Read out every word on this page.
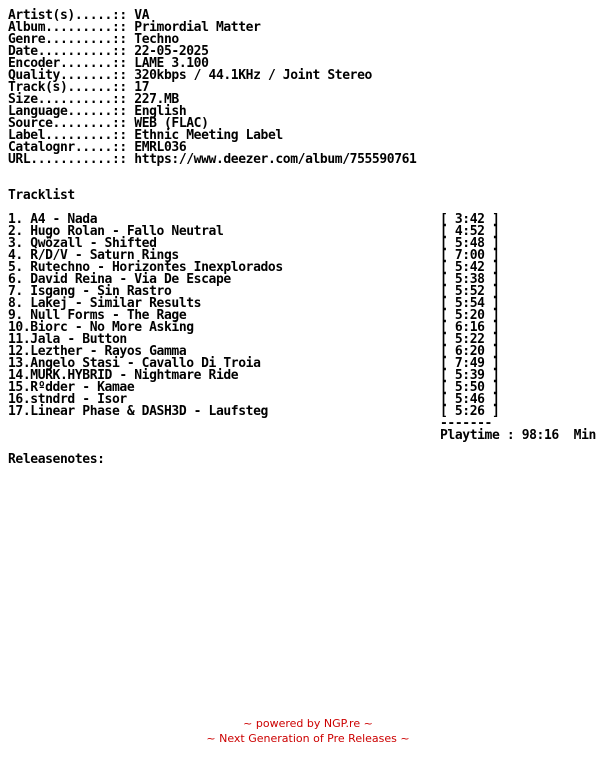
Artist(s).....:: VA
Album.........:: Primordial Matter
Genre.........:: Techno
Date..........:: 22-05-2025
Encoder.......:: LAME 3.100
Quality.......:: 320kbps / 44.1KHz / Joint Stereo
Track(s)......:: 17
Size..........:: 227.MB
Language......:: English
Source........:: WEB (FLAC)
Label.........:: Ethnic Meeting Label
Catalognr.....:: EMRL036
URL...........:: https://www.deezer.com/album/755590761
Tracklist
1. A4 - Nada	[ 3:42 ]
2. Hugo Rolan - Fallo Neutral	[ 4:52 ]
3. Qwözall - Shifted	[ 5:48 ]
4. R/D/V - Saturn Rings	[ 7:00 ]
5. Rutechno - Horizontes Inexplorados	[ 5:42 ]
6. David Reina - Via De Escape	[ 5:38 ]
7. Isgang - Sin Rastro	[ 5:52 ]
8. Lakej - Similar Results	[ 5:54 ]
9. Null Forms - The Rage	[ 5:20 ]
10.Biorc - No More Asking	[ 6:16 ]
11.Jala - Button	[ 5:22 ]
12.Lezther - Rayos Gamma	[ 6:20 ]
13.Angelo Stasi - Cavallo Di Troia	[ 7:49 ]
14.MURK.HYBRID - Nightmare Ride	[ 5:39 ]
15.Rºdder - Kamae	[ 5:50 ]
16.stndrd - Isor	[ 5:46 ]
17.Linear Phase & DASH3D - Laufsteg	[ 5:26 ]
-------
Playtime : 98:16  Min
Releasenotes:
~ powered by NGP.re ~
~ Next Generation of Pre Releases ~
